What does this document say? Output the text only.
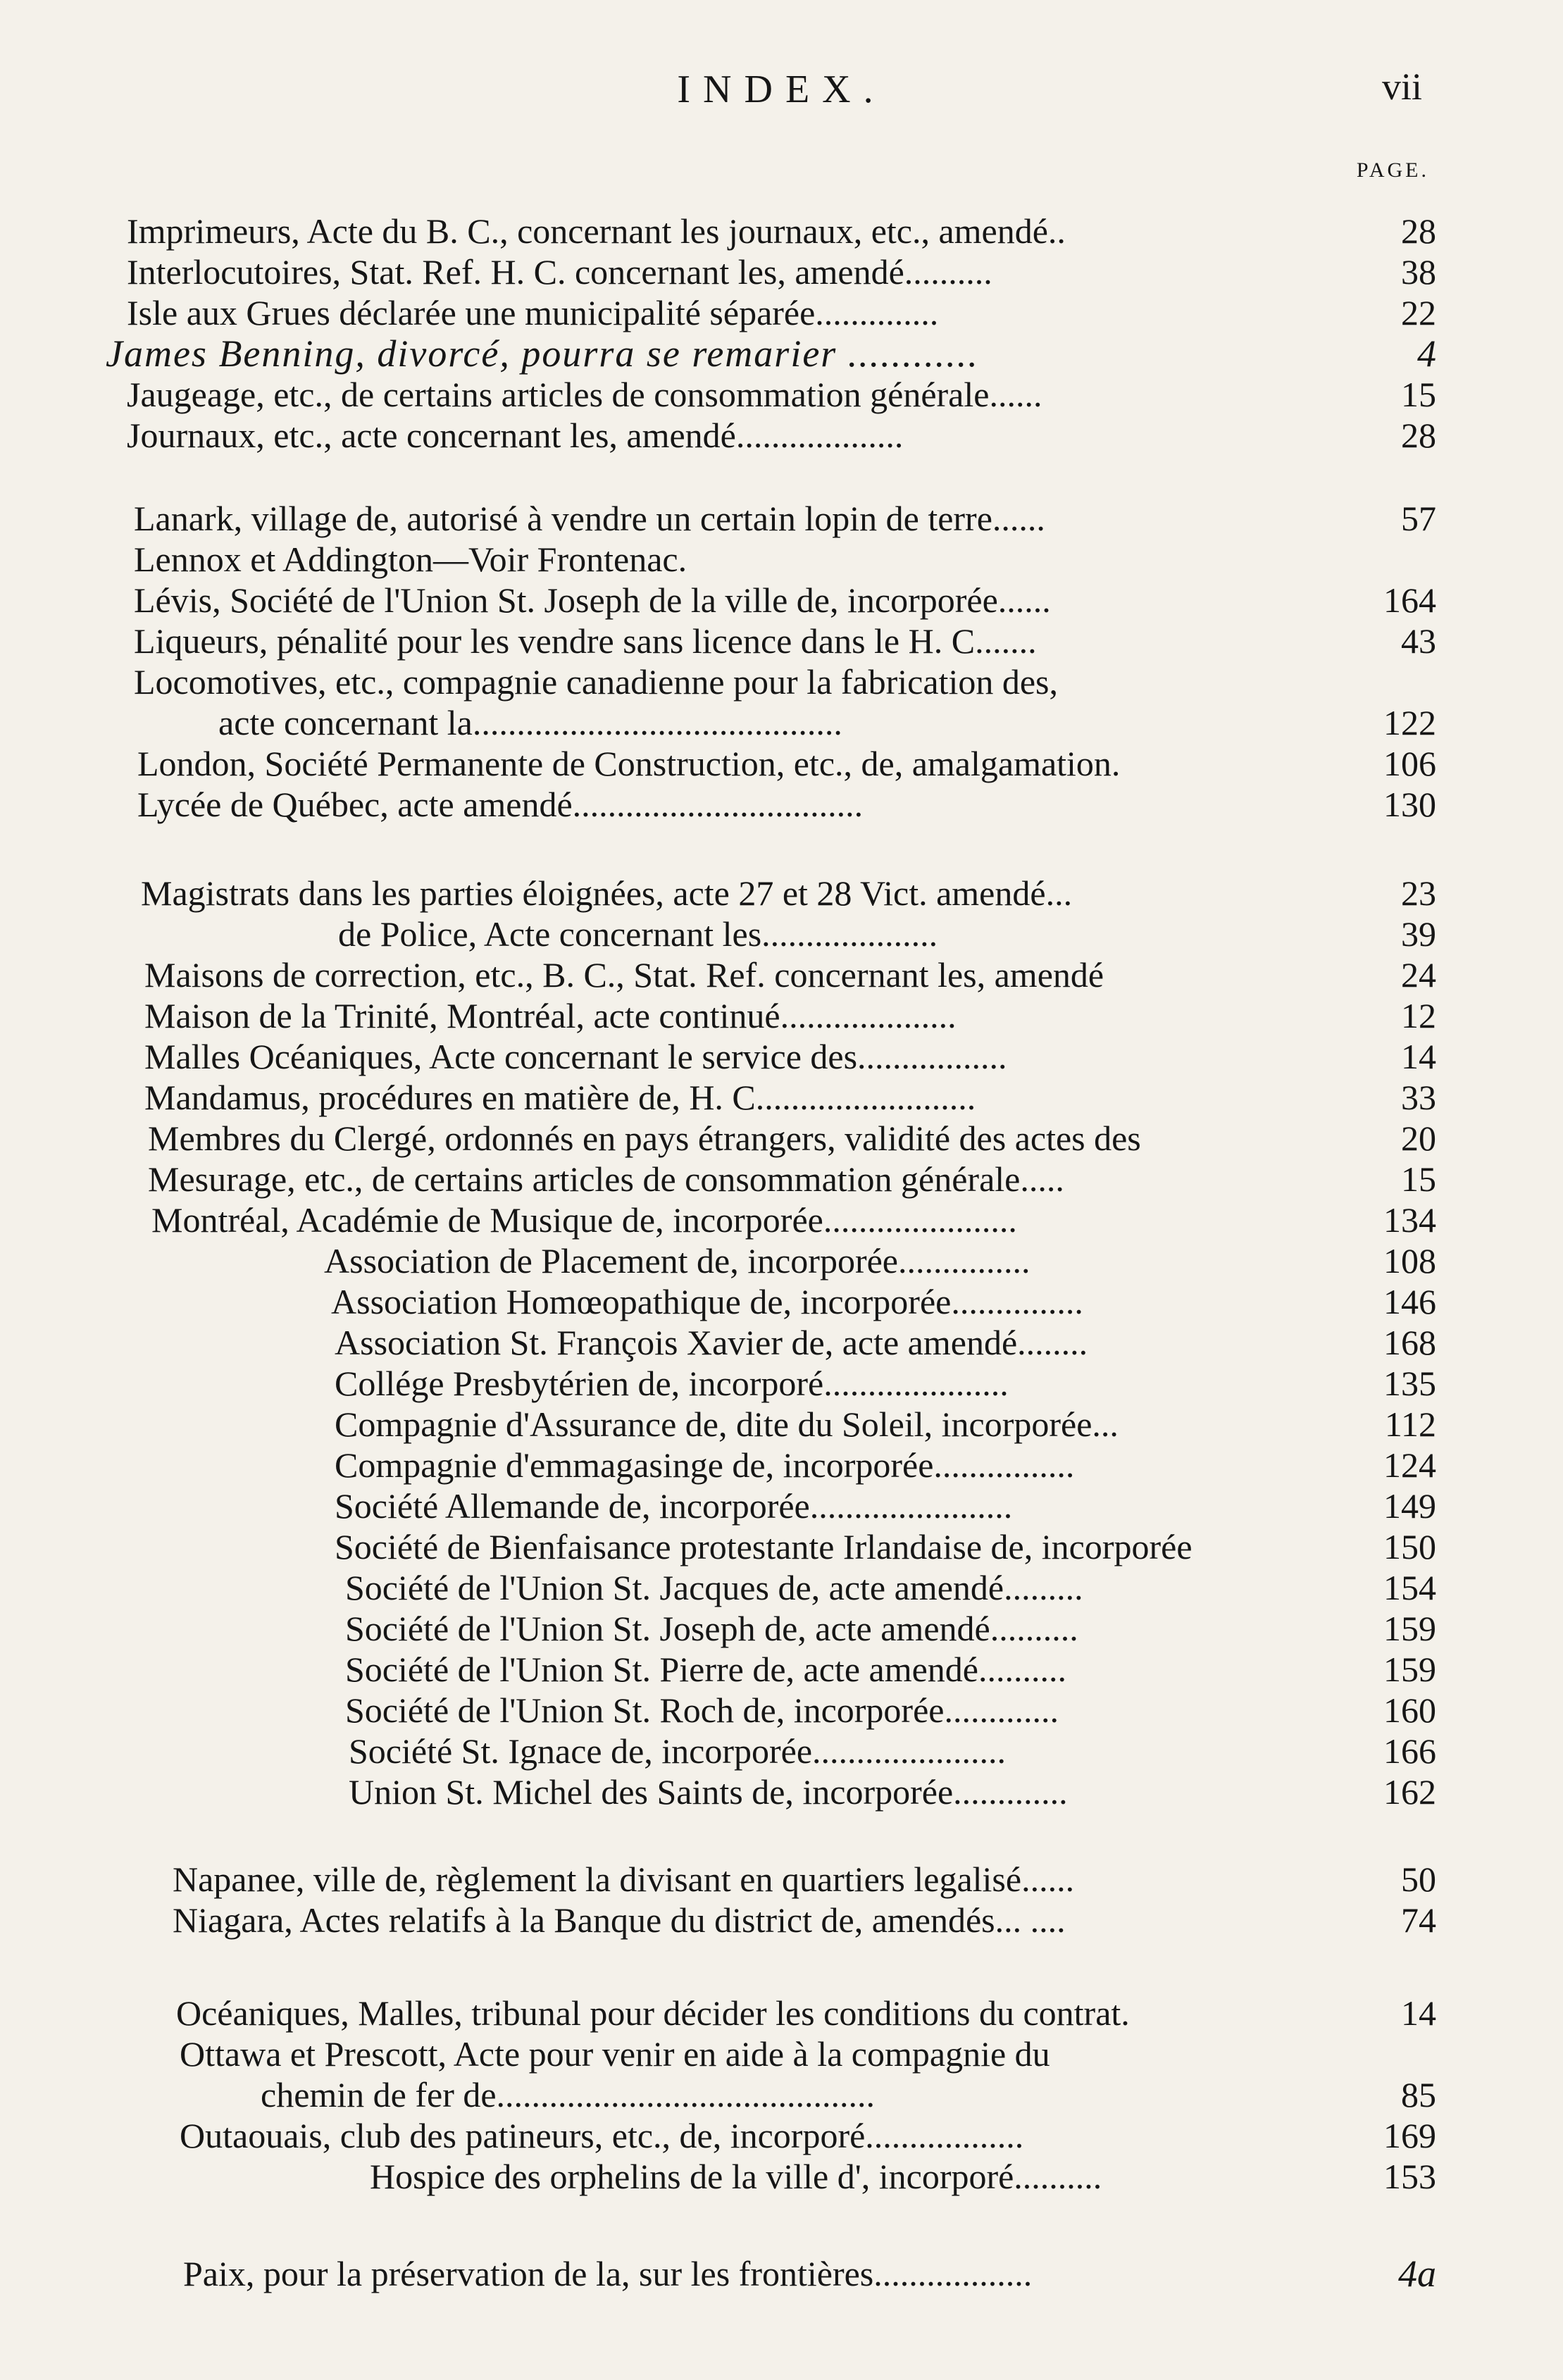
INDEX.	vii
PAGE.
Imprimeurs, Acte du B. C., concernant les journaux, etc., amendé..	28
Interlocutoires, Stat. Ref. H. C. concernant les, amendé..........	38
Isle aux Grues déclarée une municipalité séparée..............	22
James Benning, divorcé, pourra se remarier ............	4
Jaugeage, etc., de certains articles de consommation générale......	15
Journaux, etc., acte concernant les, amendé...................	28
Lanark, village de, autorisé à vendre un certain lopin de terre......	57
Lennox et Addington—Voir Frontenac.
Lévis, Société de l'Union St. Joseph de la ville de, incorporée......	164
Liqueurs, pénalité pour les vendre sans licence dans le H. C.......	43
Locomotives, etc., compagnie canadienne pour la fabrication des,
acte concernant la..........................................	122
London, Société Permanente de Construction, etc., de, amalgamation.	106
Lycée de Québec, acte amendé.................................	130
Magistrats dans les parties éloignées, acte 27 et 28 Vict. amendé...	23
de Police, Acte concernant les....................	39
Maisons de correction, etc., B. C., Stat. Ref. concernant les, amendé	24
Maison de la Trinité, Montréal, acte continué....................	12
Malles Océaniques, Acte concernant le service des.................	14
Mandamus, procédures en matière de, H. C.........................	33
Membres du Clergé, ordonnés en pays étrangers, validité des actes des	20
Mesurage, etc., de certains articles de consommation générale.....	15
Montréal, Académie de Musique de, incorporée......................	134
Association de Placement de, incorporée...............	108
Association Homœopathique de, incorporée...............	146
Association St. François Xavier de, acte amendé........	168
Collége Presbytérien de, incorporé.....................	135
Compagnie d'Assurance de, dite du Soleil, incorporée...	112
Compagnie d'emmagasinge de, incorporée................	124
Société Allemande de, incorporée.......................	149
Société de Bienfaisance protestante Irlandaise de, incorporée	150
Société de l'Union St. Jacques de, acte amendé.........	154
Société de l'Union St. Joseph de, acte amendé..........	159
Société de l'Union St. Pierre de, acte amendé..........	159
Société de l'Union St. Roch de, incorporée.............	160
Société St. Ignace de, incorporée......................	166
Union St. Michel des Saints de, incorporée.............	162
Napanee, ville de, règlement la divisant en quartiers legalisé......	50
Niagara, Actes relatifs à la Banque du district de, amendés... ....	74
Océaniques, Malles, tribunal pour décider les conditions du contrat.	14
Ottawa et Prescott, Acte pour venir en aide à la compagnie du
chemin de fer de...........................................	85
Outaouais, club des patineurs, etc., de, incorporé..................	169
Hospice des orphelins de la ville d', incorporé..........	153
Paix, pour la préservation de la, sur les frontières..................	4a
